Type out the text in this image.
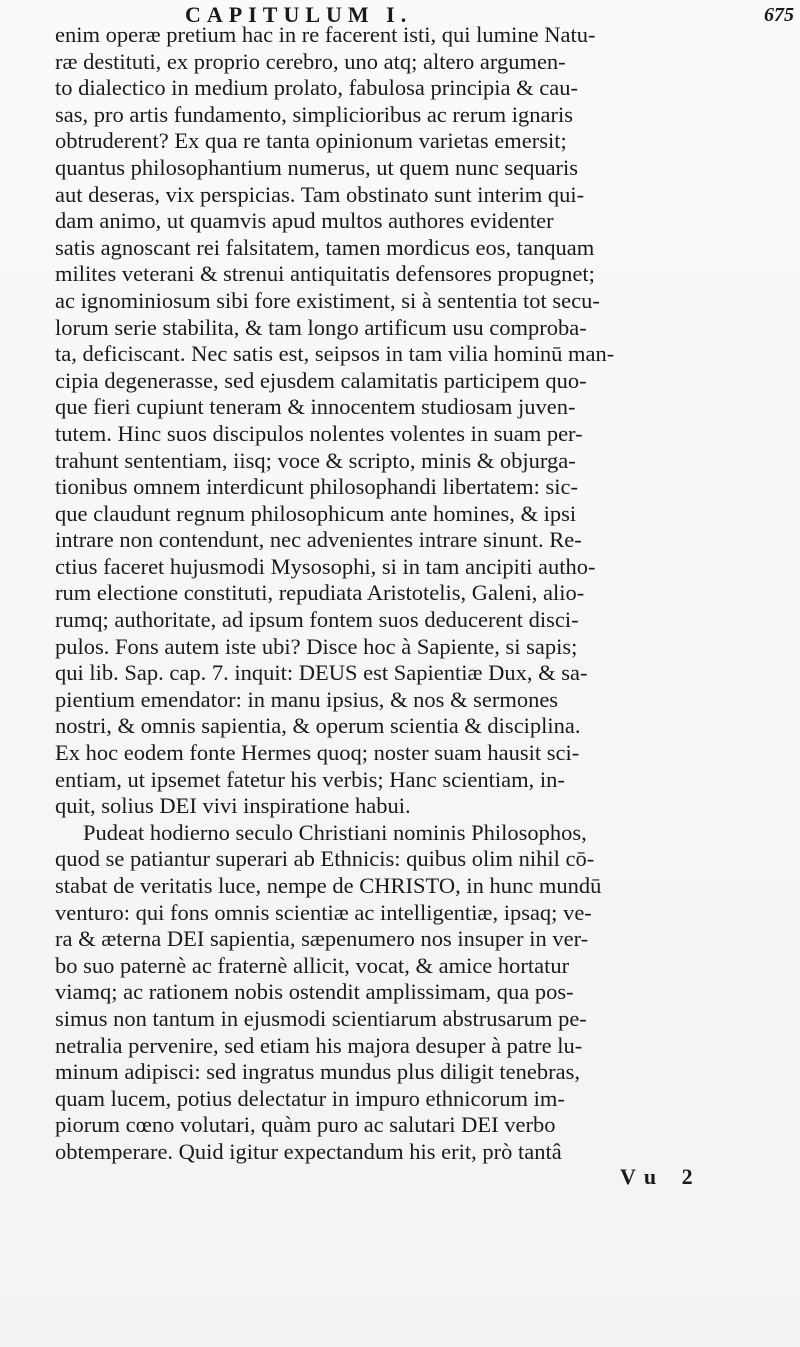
CAPITULUM I.	675
enim operæ pretium hac in re facerent isti, qui lumine Natu-
ræ destituti, ex proprio cerebro, uno atq; altero argumen-
to dialectico in medium prolato, fabulosa principia & cau-
sas, pro artis fundamento, simplicioribus ac rerum ignaris
obtruderent? Ex qua re tanta opinionum varietas emersit;
quantus philosophantium numerus, ut quem nunc sequaris
aut deseras, vix perspicias. Tam obstinato sunt interim qui-
dam animo, ut quamvis apud multos authores evidenter
satis agnoscant rei falsitatem, tamen mordicus eos, tanquam
milites veterani & strenui antiquitatis defensores propugnet;
ac ignominiosum sibi fore existiment, si à sententia tot secu-
lorum serie stabilita, & tam longo artificum usu comproba-
ta, deficiscant. Nec satis est, seipsos in tam vilia hominū man-
cipia degenerasse, sed ejusdem calamitatis participem quo-
que fieri cupiunt teneram & innocentem studiosam juven-
tutem. Hinc suos discipulos nolentes volentes in suam per-
trahunt sententiam, iisq; voce & scripto, minis & objurga-
tionibus omnem interdicunt philosophandi libertatem: sic-
que claudunt regnum philosophicum ante homines, & ipsi
intrare non contendunt, nec advenientes intrare sinunt. Re-
ctius faceret hujusmodi Mysosophi, si in tam ancipiti autho-
rum electione constituti, repudiata Aristotelis, Galeni, alio-
rumq; authoritate, ad ipsum fontem suos deducerent disci-
pulos. Fons autem iste ubi? Disce hoc à Sapiente, si sapis;
qui lib. Sap. cap. 7. inquit: DEUS est Sapientiæ Dux, & sa-
pientium emendator: in manu ipsius, & nos & sermones
nostri, & omnis sapientia, & operum scientia & disciplina.
Ex hoc eodem fonte Hermes quoq; noster suam hausit sci-
entiam, ut ipsemet fatetur his verbis; Hanc scientiam, in-
quit, solius DEI vivi inspiratione habui.
Pudeat hodierno seculo Christiani nominis Philosophos,
quod se patiantur superari ab Ethnicis: quibus olim nihil cō-
stabat de veritatis luce, nempe de CHRISTO, in hunc mundū
venturo: qui fons omnis scientiæ ac intelligentiæ, ipsaq; ve-
ra & æterna DEI sapientia, sæpenumero nos insuper in ver-
bo suo paternè ac fraternè allicit, vocat, & amice hortatur
viamq; ac rationem nobis ostendit amplissimam, qua pos-
simus non tantum in ejusmodi scientiarum abstrusarum pe-
netralia pervenire, sed etiam his majora desuper à patre lu-
minum adipisci: sed ingratus mundus plus diligit tenebras,
quam lucem, potius delectatur in impuro ethnicorum im-
piorum cœno volutari, quàm puro ac salutari DEI verbo
obtemperare. Quid igitur expectandum his erit, prò tantâ
Vu 2
